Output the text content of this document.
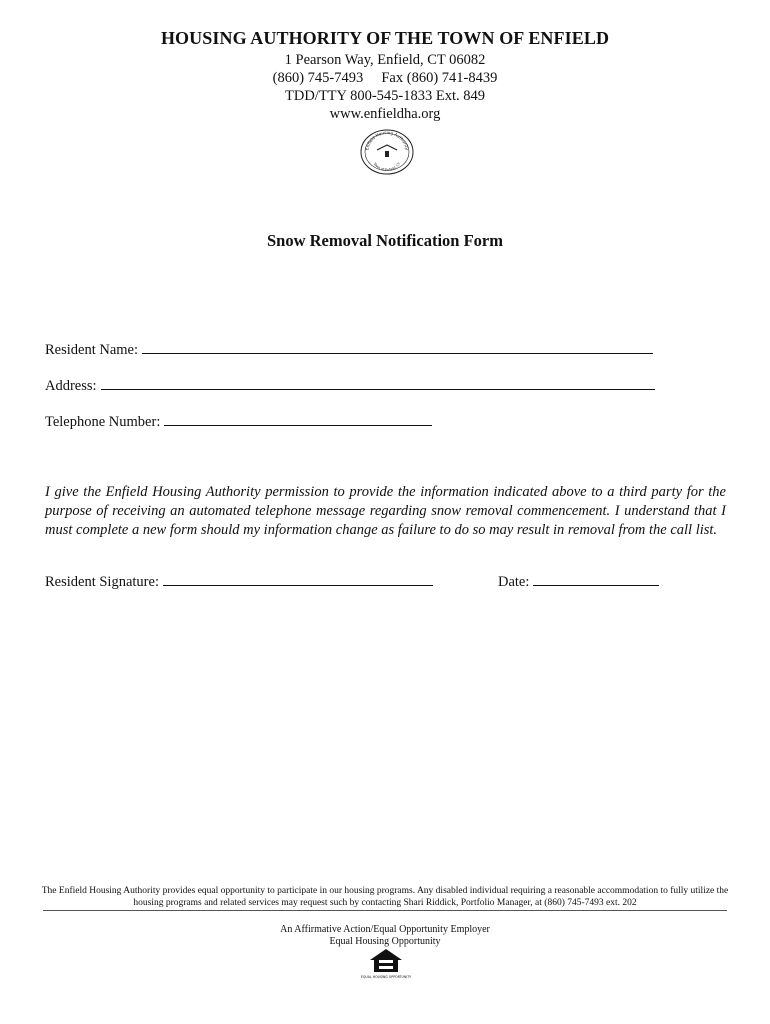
HOUSING AUTHORITY OF THE TOWN OF ENFIELD
1 Pearson Way, Enfield, CT 06082
(860) 745-7493     Fax (860) 741-8439
TDD/TTY 800-545-1833 Ext. 849
www.enfieldha.org
Enfield Housing Authority
Town of Enfield, CT
Snow Removal Notification Form
Resident Name:
Address:
Telephone Number:
I give the Enfield Housing Authority permission to provide the information indicated above to a third party for the purpose of receiving an automated telephone message regarding snow removal commencement. I understand that I must complete a new form should my information change as failure to do so may result in removal from the call list.
Resident Signature:	Date:
The Enfield Housing Authority provides equal opportunity to participate in our housing programs. Any disabled individual requiring a reasonable accommodation to fully utilize the housing programs and related services may request such by contacting Shari Riddick, Portfolio Manager, at (860) 745-7493 ext. 202
An Affirmative Action/Equal Opportunity Employer
Equal Housing Opportunity
EQUAL HOUSING OPPORTUNITY
